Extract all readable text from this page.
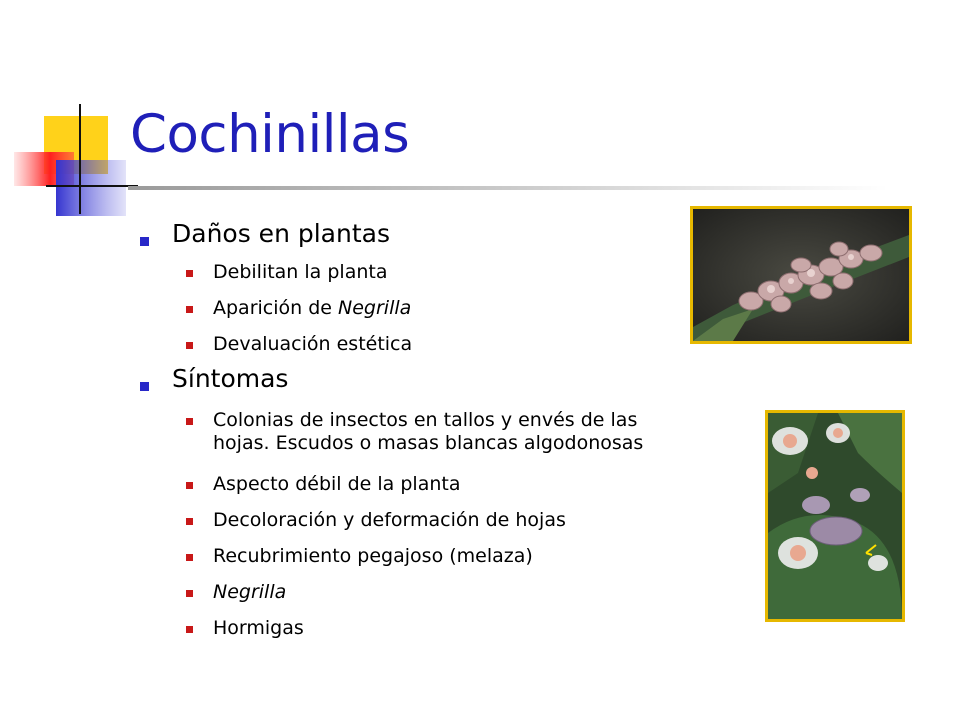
Cochinillas
Daños en plantas
Debilitan la planta
Aparición de Negrilla
Devaluación estética
Síntomas
Colonias de insectos en tallos y envés de las
hojas. Escudos o masas blancas algodonosas
Aspecto débil de la planta
Decoloración y deformación de hojas
Recubrimiento pegajoso (melaza)
Negrilla
Hormigas
